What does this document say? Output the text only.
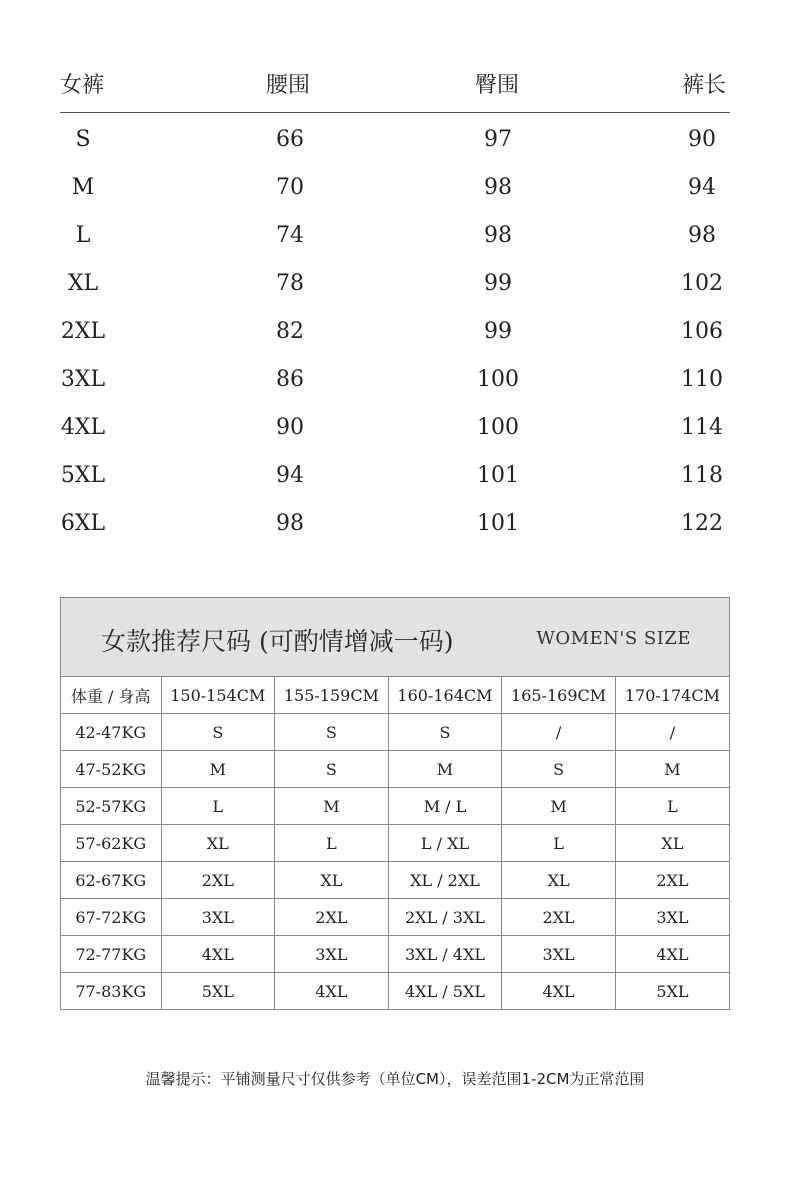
女裤	腰围	臀围	裤长
S	66	97	90
M	70	98	94
L	74	98	98
XL	78	99	102
2XL	82	99	106
3XL	86	100	110
4XL	90	100	114
5XL	94	101	118
6XL	98	101	122
女款推荐尺码 (可酌情增减一码)	WOMEN'S SIZE
体重 / 身高	150-154CM	155-159CM	160-164CM	165-169CM	170-174CM
42-47KG	S	S	S	/	/
47-52KG	M	S	M	S	M
52-57KG	L	M	M / L	M	L
57-62KG	XL	L	L / XL	L	XL
62-67KG	2XL	XL	XL / 2XL	XL	2XL
67-72KG	3XL	2XL	2XL / 3XL	2XL	3XL
72-77KG	4XL	3XL	3XL / 4XL	3XL	4XL
77-83KG	5XL	4XL	4XL / 5XL	4XL	5XL
温馨提示：平铺测量尺寸仅供参考（单位CM），误差范围1-2CM为正常范围
